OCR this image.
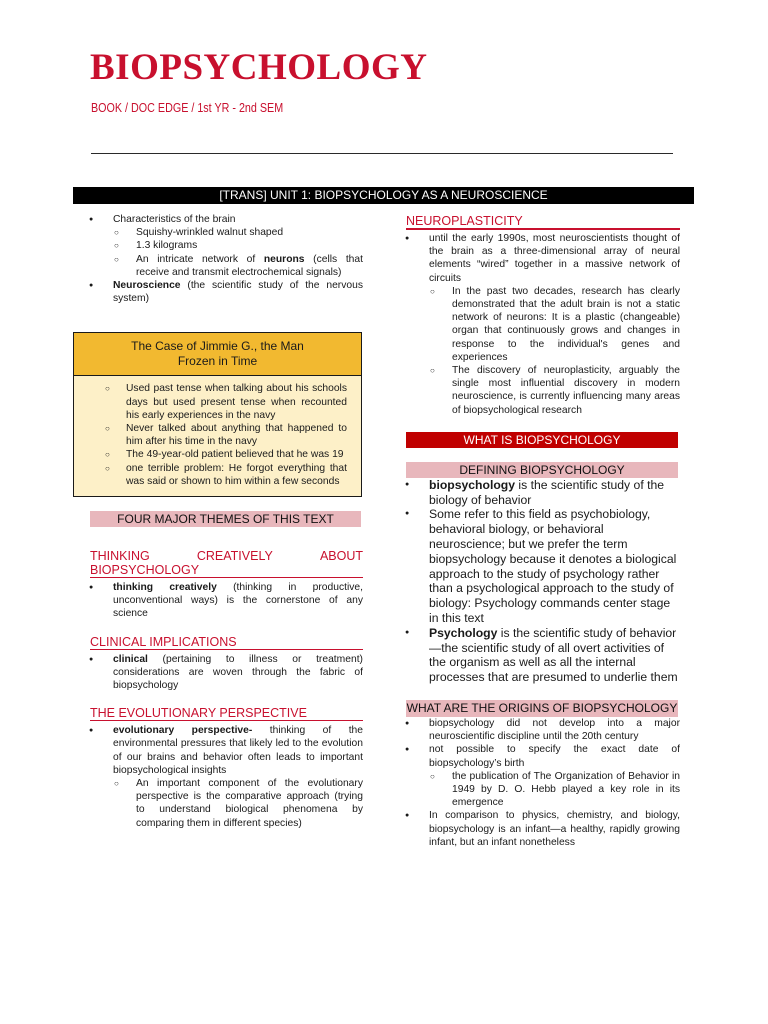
BIOPSYCHOLOGY
BOOK / DOC EDGE / 1st YR - 2nd SEM
[TRANS] UNIT 1: BIOPSYCHOLOGY AS A NEUROSCIENCE
● Characteristics of the brain
○ Squishy-wrinkled walnut shaped
○ 1.3 kilograms
○ An intricate network of neurons (cells that receive and transmit electrochemical signals)
● Neuroscience (the scientific study of the nervous system)
The Case of Jimmie G., the Man Frozen in Time
○ Used past tense when talking about his schools days but used present tense when recounted his early experiences in the navy
○ Never talked about anything that happened to him after his time in the navy
○ The 49-year-old patient believed that he was 19
○ one terrible problem: He forgot everything that was said or shown to him within a few seconds
FOUR MAJOR THEMES OF THIS TEXT
THINKING	CREATIVELY	ABOUT
BIOPSYCHOLOGY
● thinking creatively (thinking in productive, unconventional ways) is the cornerstone of any science
CLINICAL IMPLICATIONS
● clinical (pertaining to illness or treatment) considerations are woven through the fabric of biopsychology
THE EVOLUTIONARY PERSPECTIVE
● evolutionary perspective- thinking of the environmental pressures that likely led to the evolution of our brains and behavior often leads to important biopsychological insights
○ An important component of the evolutionary perspective is the comparative approach (trying to understand biological phenomena by comparing them in different species)
NEUROPLASTICITY
● until the early 1990s, most neuroscientists thought of the brain as a three-dimensional array of neural elements “wired” together in a massive network of circuits
○ In the past two decades, research has clearly demonstrated that the adult brain is not a static network of neurons: It is a plastic (changeable) organ that continuously grows and changes in response to the individual's genes and experiences
○ The discovery of neuroplasticity, arguably the single most influential discovery in modern neuroscience, is currently influencing many areas of biopsychological research
WHAT IS BIOPSYCHOLOGY
DEFINING BIOPSYCHOLOGY
● biopsychology is the scientific study of the biology of behavior
● Some refer to this field as psychobiology, behavioral biology, or behavioral neuroscience; but we prefer the term biopsychology because it denotes a biological approach to the study of psychology rather than a psychological approach to the study of biology: Psychology commands center stage in this text
● Psychology is the scientific study of behavior—the scientific study of all overt activities of the organism as well as all the internal processes that are presumed to underlie them
WHAT ARE THE ORIGINS OF BIOPSYCHOLOGY
● biopsychology did not develop into a major neuroscientific discipline until the 20th century
● not possible to specify the exact date of biopsychology’s birth
○ the publication of The Organization of Behavior in 1949 by D. O. Hebb played a key role in its emergence
● In comparison to physics, chemistry, and biology, biopsychology is an infant—a healthy, rapidly growing infant, but an infant nonetheless
